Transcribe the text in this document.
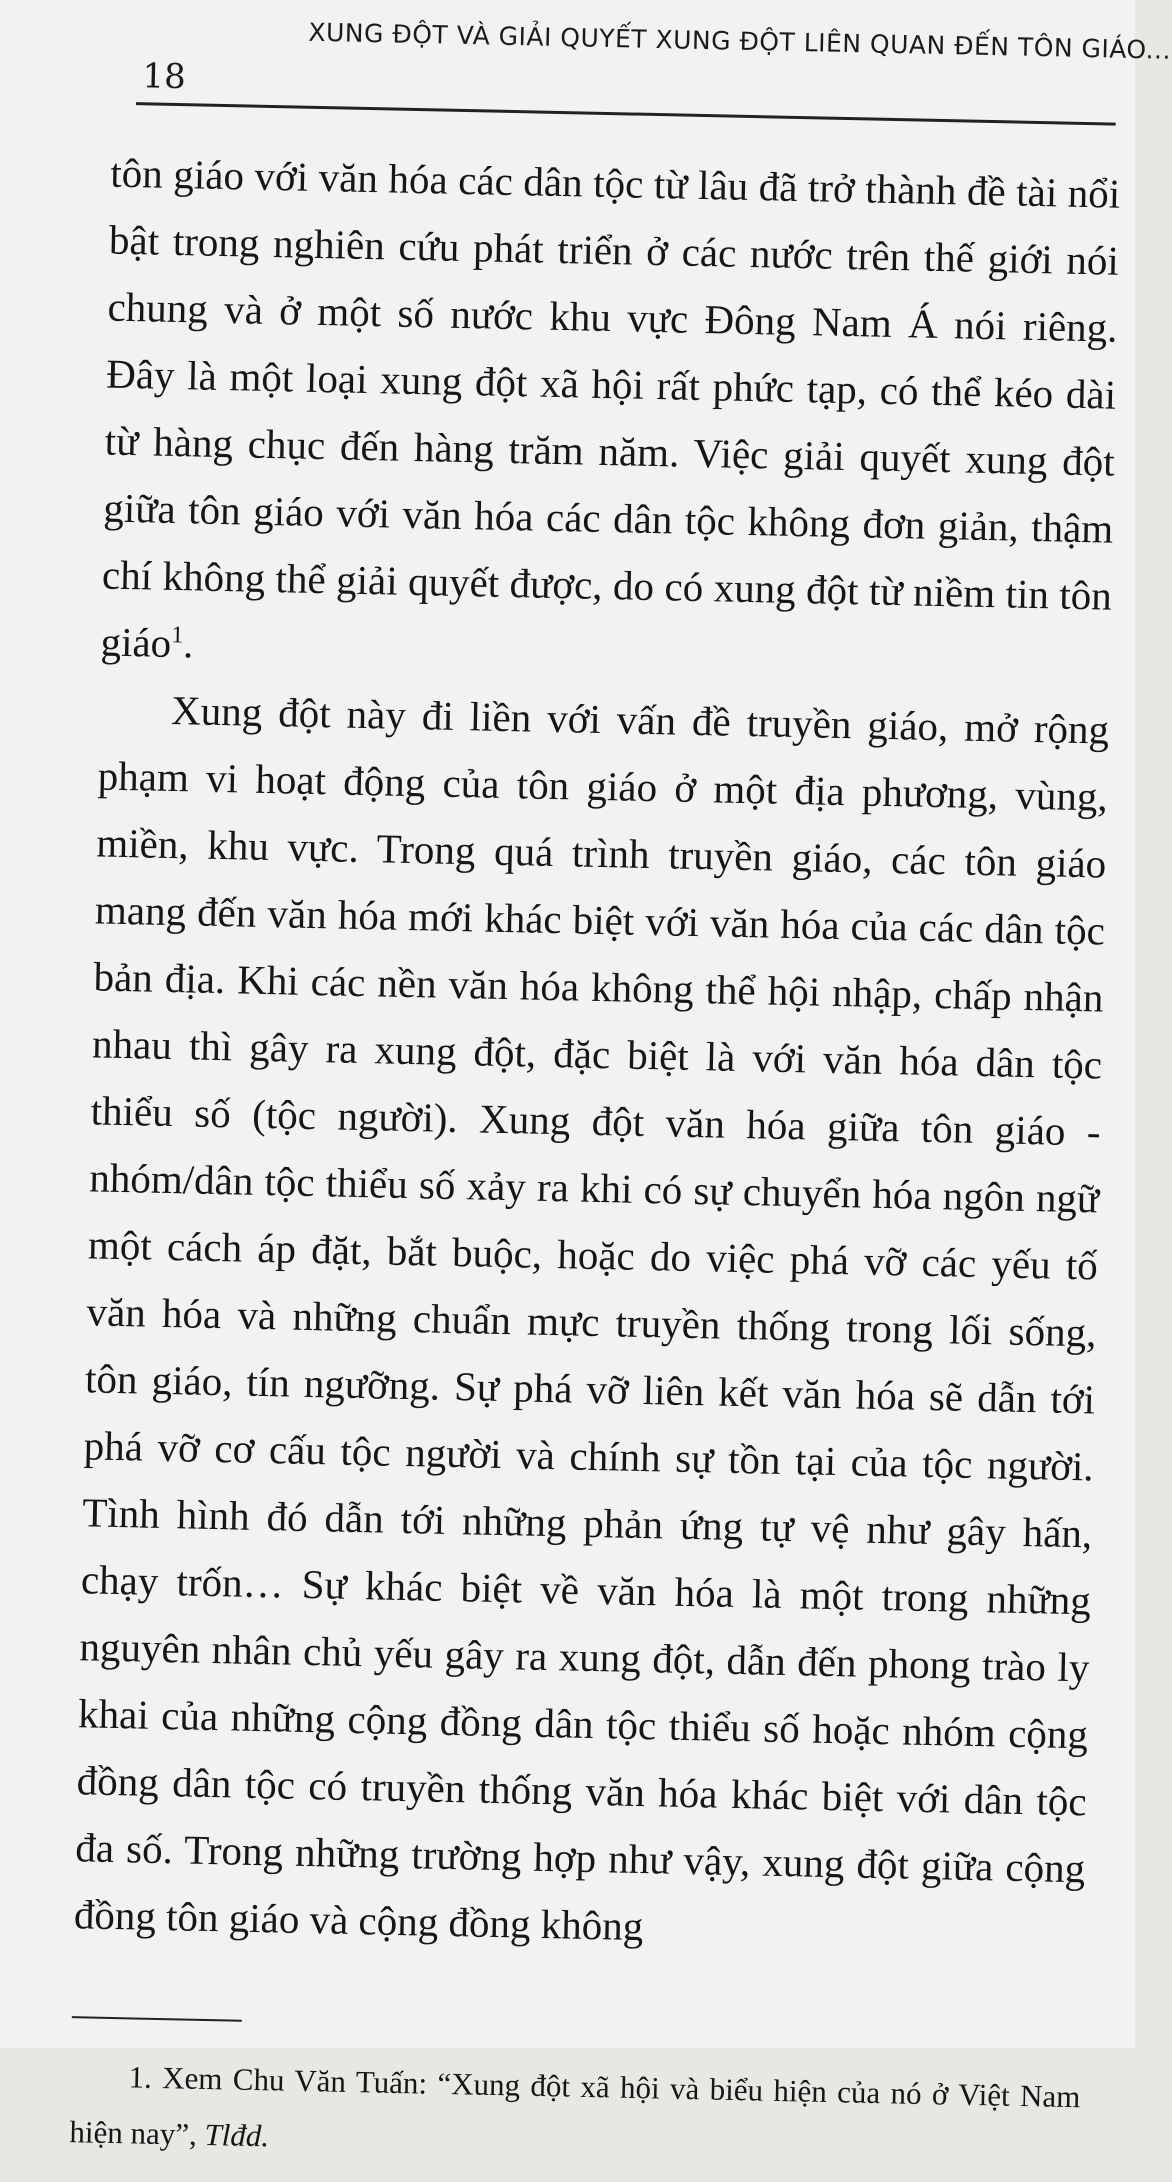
18
XUNG ĐỘT VÀ GIẢI QUYẾT XUNG ĐỘT LIÊN QUAN ĐẾN TÔN GIÁO...

tôn giáo với văn hóa các dân tộc từ lâu đã trở thành đề tài nổi bật trong nghiên cứu phát triển ở các nước trên thế giới nói chung và ở một số nước khu vực Đông Nam Á nói riêng. Đây là một loại xung đột xã hội rất phức tạp, có thể kéo dài từ hàng chục đến hàng trăm năm. Việc giải quyết xung đột giữa tôn giáo với văn hóa các dân tộc không đơn giản, thậm chí không thể giải quyết được, do có xung đột từ niềm tin tôn giáo$^1$.

Xung đột này đi liền với vấn đề truyền giáo, mở rộng phạm vi hoạt động của tôn giáo ở một địa phương, vùng, miền, khu vực. Trong quá trình truyền giáo, các tôn giáo mang đến văn hóa mới khác biệt với văn hóa của các dân tộc bản địa. Khi các nền văn hóa không thể hội nhập, chấp nhận nhau thì gây ra xung đột, đặc biệt là với văn hóa dân tộc thiểu số (tộc người). Xung đột văn hóa giữa tôn giáo - nhóm/dân tộc thiểu số xảy ra khi có sự chuyển hóa ngôn ngữ một cách áp đặt, bắt buộc, hoặc do việc phá vỡ các yếu tố văn hóa và những chuẩn mực truyền thống trong lối sống, tôn giáo, tín ngưỡng. Sự phá vỡ liên kết văn hóa sẽ dẫn tới phá vỡ cơ cấu tộc người và chính sự tồn tại của tộc người. Tình hình đó dẫn tới những phản ứng tự vệ như gây hấn, chạy trốn… Sự khác biệt về văn hóa là một trong những nguyên nhân chủ yếu gây ra xung đột, dẫn đến phong trào ly khai của những cộng đồng dân tộc thiểu số hoặc nhóm cộng đồng dân tộc có truyền thống văn hóa khác biệt với dân tộc đa số. Trong những trường hợp như vậy, xung đột giữa cộng đồng tôn giáo và cộng đồng không

1. Xem Chu Văn Tuấn: “Xung đột xã hội và biểu hiện của nó ở Việt Nam hiện nay”, Tlđd.
